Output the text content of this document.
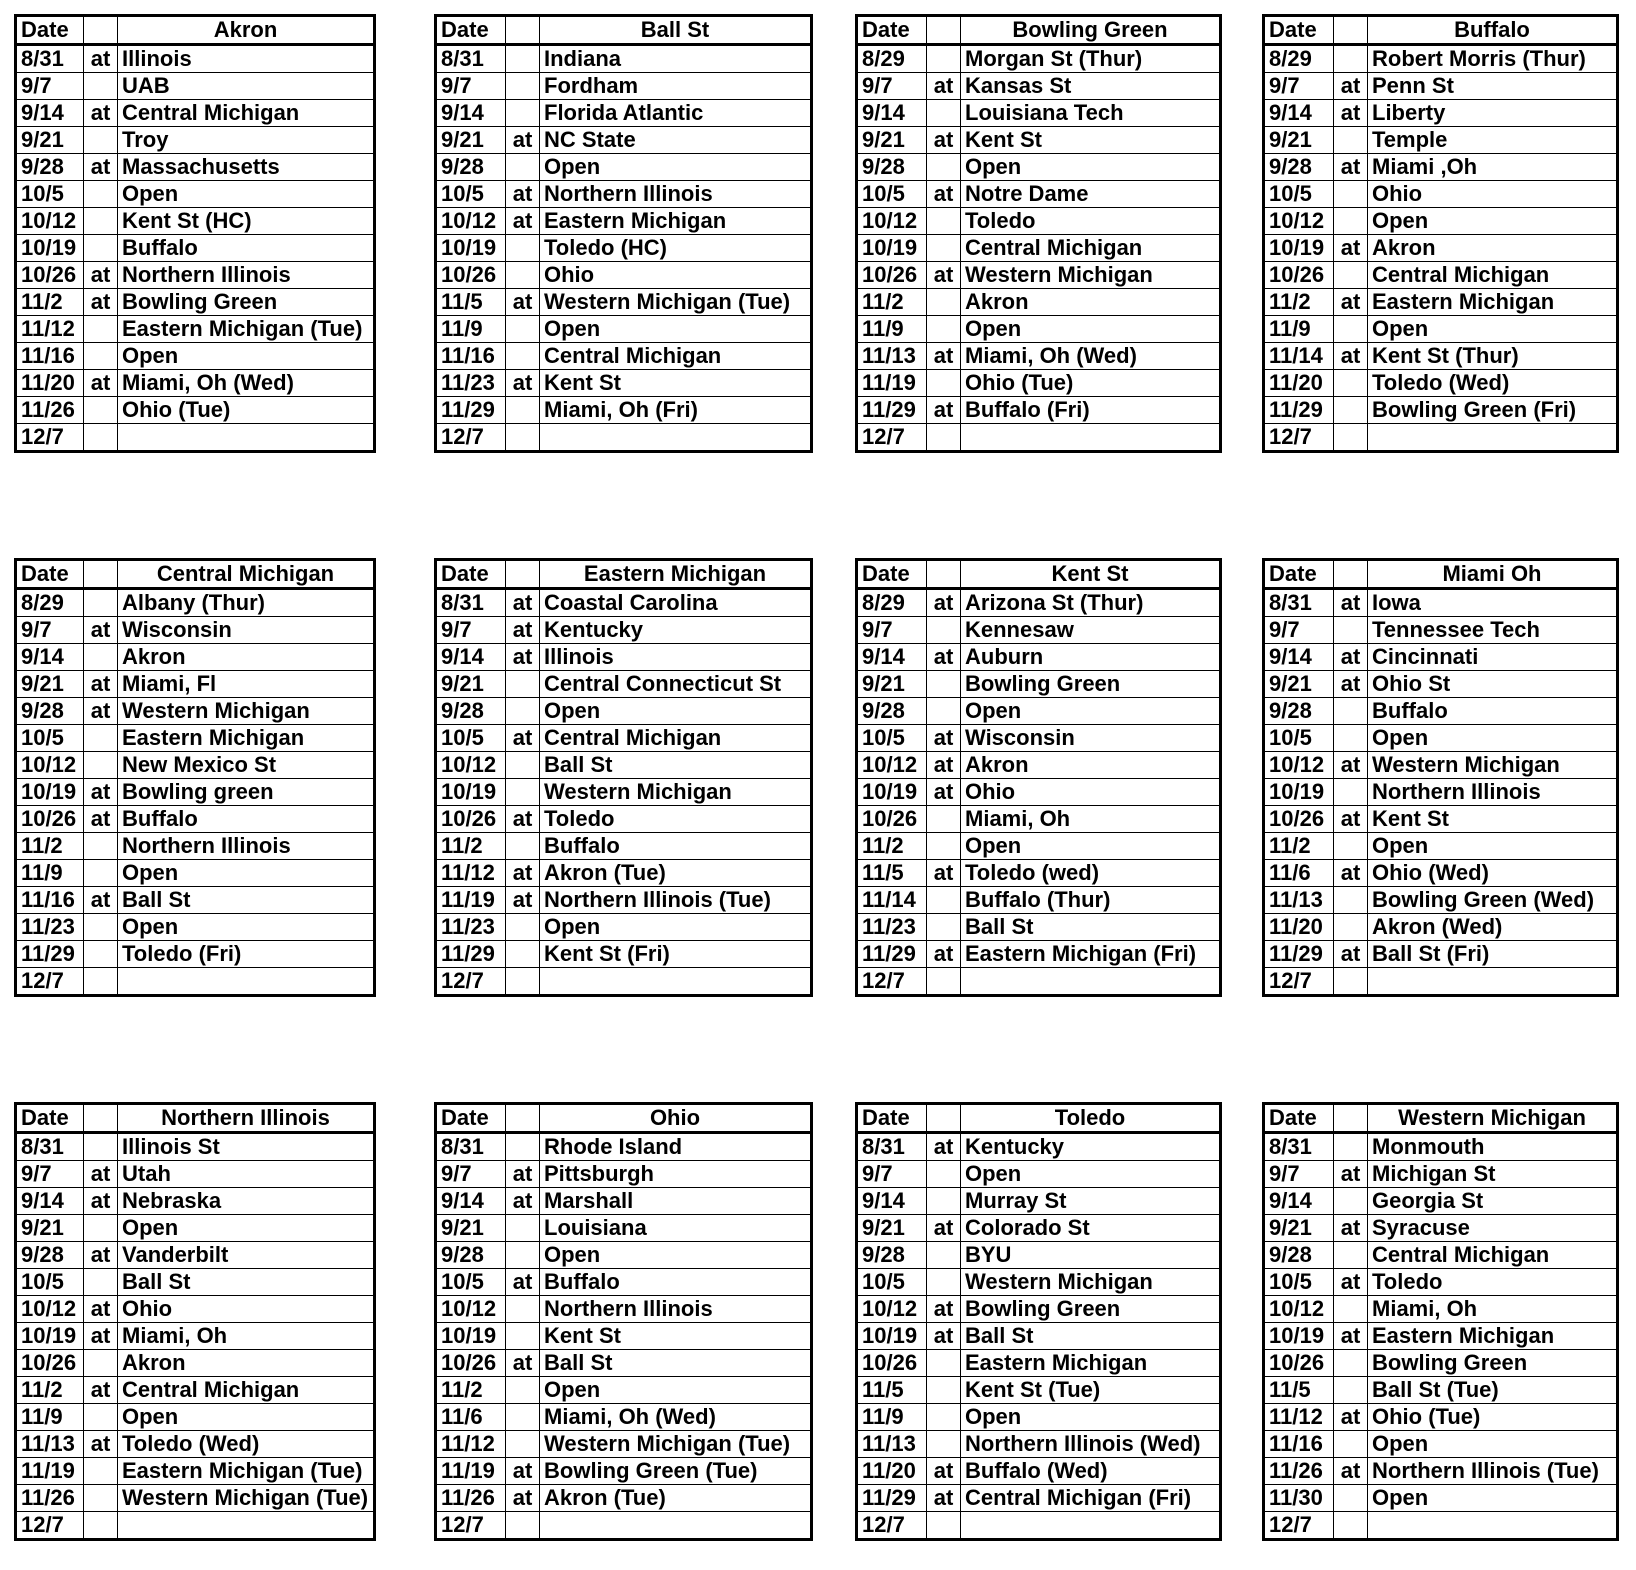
Date		Akron
8/31	at	Illinois
9/7		UAB
9/14	at	Central Michigan
9/21		Troy
9/28	at	Massachusetts
10/5		Open
10/12		Kent St (HC)
10/19		Buffalo
10/26	at	Northern Illinois
11/2	at	Bowling Green
11/12		Eastern Michigan (Tue)
11/16		Open
11/20	at	Miami, Oh (Wed)
11/26		Ohio (Tue)
12/7		
Date		Ball St
8/31		Indiana
9/7		Fordham
9/14		Florida Atlantic
9/21	at	NC State
9/28		Open
10/5	at	Northern Illinois
10/12	at	Eastern Michigan
10/19		Toledo (HC)
10/26		Ohio
11/5	at	Western Michigan (Tue)
11/9		Open
11/16		Central Michigan
11/23	at	Kent St
11/29		Miami, Oh (Fri)
12/7		
Date		Bowling Green
8/29		Morgan St (Thur)
9/7	at	Kansas St
9/14		Louisiana Tech
9/21	at	Kent St
9/28		Open
10/5	at	Notre Dame
10/12		Toledo
10/19		Central Michigan
10/26	at	Western Michigan
11/2		Akron
11/9		Open
11/13	at	Miami, Oh (Wed)
11/19		Ohio (Tue)
11/29	at	Buffalo (Fri)
12/7		
Date		Buffalo
8/29		Robert Morris (Thur)
9/7	at	Penn St
9/14	at	Liberty
9/21		Temple
9/28	at	Miami ,Oh
10/5		Ohio
10/12		Open
10/19	at	Akron
10/26		Central Michigan
11/2	at	Eastern Michigan
11/9		Open
11/14	at	Kent St (Thur)
11/20		Toledo (Wed)
11/29		Bowling Green (Fri)
12/7		
Date		Central Michigan
8/29		Albany (Thur)
9/7	at	Wisconsin
9/14		Akron
9/21	at	Miami, Fl
9/28	at	Western Michigan
10/5		Eastern Michigan
10/12		New Mexico St
10/19	at	Bowling green
10/26	at	Buffalo
11/2		Northern Illinois
11/9		Open
11/16	at	Ball St
11/23		Open
11/29		Toledo (Fri)
12/7		
Date		Eastern Michigan
8/31	at	Coastal Carolina
9/7	at	Kentucky
9/14	at	Illinois
9/21		Central Connecticut St
9/28		Open
10/5	at	Central Michigan
10/12		Ball St
10/19		Western Michigan
10/26	at	Toledo
11/2		Buffalo
11/12	at	Akron (Tue)
11/19	at	Northern Illinois (Tue)
11/23		Open
11/29		Kent St (Fri)
12/7		
Date		Kent St
8/29	at	Arizona St (Thur)
9/7		Kennesaw
9/14	at	Auburn
9/21		Bowling Green
9/28		Open
10/5	at	Wisconsin
10/12	at	Akron
10/19	at	Ohio
10/26		Miami, Oh
11/2		Open
11/5	at	Toledo (wed)
11/14		Buffalo (Thur)
11/23		Ball St
11/29	at	Eastern Michigan (Fri)
12/7		
Date		Miami Oh
8/31	at	Iowa
9/7		Tennessee Tech
9/14	at	Cincinnati
9/21	at	Ohio St
9/28		Buffalo
10/5		Open
10/12	at	Western Michigan
10/19		Northern Illinois
10/26	at	Kent St
11/2		Open
11/6	at	Ohio (Wed)
11/13		Bowling Green (Wed)
11/20		Akron (Wed)
11/29	at	Ball St (Fri)
12/7		
Date		Northern Illinois
8/31		Illinois St
9/7	at	Utah
9/14	at	Nebraska
9/21		Open
9/28	at	Vanderbilt
10/5		Ball St
10/12	at	Ohio
10/19	at	Miami, Oh
10/26		Akron
11/2	at	Central Michigan
11/9		Open
11/13	at	Toledo (Wed)
11/19		Eastern Michigan (Tue)
11/26		Western Michigan (Tue)
12/7		
Date		Ohio
8/31		Rhode Island
9/7	at	Pittsburgh
9/14	at	Marshall
9/21		Louisiana
9/28		Open
10/5	at	Buffalo
10/12		Northern Illinois
10/19		Kent St
10/26	at	Ball St
11/2		Open
11/6		Miami, Oh (Wed)
11/12		Western Michigan (Tue)
11/19	at	Bowling Green (Tue)
11/26	at	Akron (Tue)
12/7		
Date		Toledo
8/31	at	Kentucky
9/7		Open
9/14		Murray St
9/21	at	Colorado St
9/28		BYU
10/5		Western Michigan
10/12	at	Bowling Green
10/19	at	Ball St
10/26		Eastern Michigan
11/5		Kent St (Tue)
11/9		Open
11/13		Northern Illinois (Wed)
11/20	at	Buffalo (Wed)
11/29	at	Central Michigan (Fri)
12/7		
Date		Western Michigan
8/31		Monmouth
9/7	at	Michigan St
9/14		Georgia St
9/21	at	Syracuse
9/28		Central Michigan
10/5	at	Toledo
10/12		Miami, Oh
10/19	at	Eastern Michigan
10/26		Bowling Green
11/5		Ball St (Tue)
11/12	at	Ohio (Tue)
11/16		Open
11/26	at	Northern Illinois (Tue)
11/30		Open
12/7		
